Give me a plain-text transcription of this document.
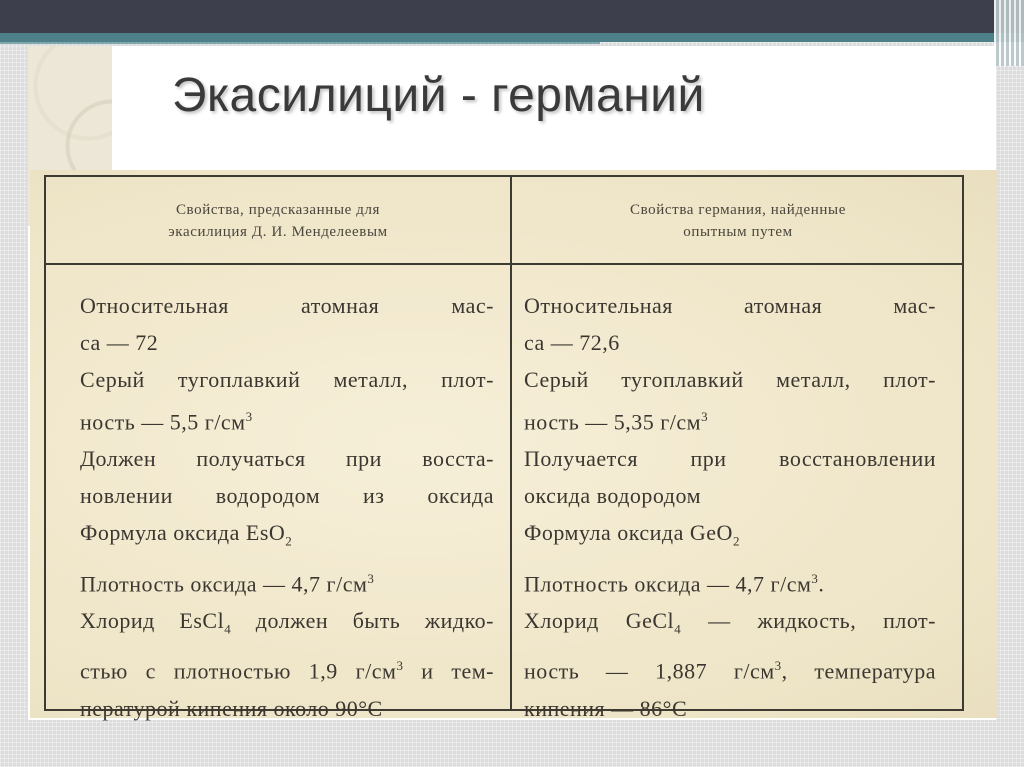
Экасилиций - германий
Свойства, предсказанные для
экасилиция Д. И. Менделеевым
Свойства германия, найденные
опытным путем
Относительная атомная мас-
са — 72
Серый тугоплавкий металл, плот-
ность — 5,5 $г/см^3$
Должен получаться при восста-
новлении водородом из оксида
Формула оксида EsO$_2$
Плотность оксида — 4,7 $г/см^3$
Хлорид EsCl$_4$ должен быть жидко-
стью с плотностью 1,9 $г/см^3$ и тем-
пературой кипения около 90°C
Относительная атомная мас-
са — 72,6
Серый тугоплавкий металл, плот-
ность — 5,35 $г/см^3$
Получается при восстановлении
оксида водородом
Формула оксида GeO$_2$
Плотность оксида — 4,7 $г/см^3$.
Хлорид GeCl$_4$ — жидкость, плот-
ность — 1,887 $г/см^3$, температура
кипения — 86°C
